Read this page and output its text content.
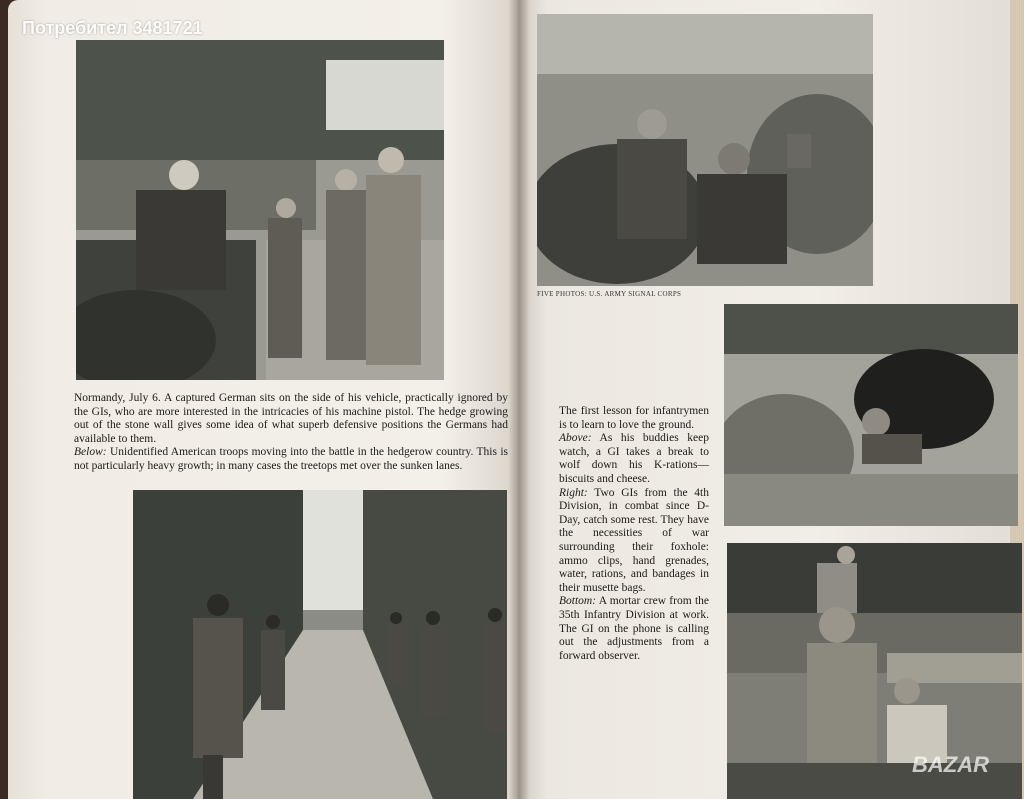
Потребител 3481721
Normandy, July 6. A captured German sits on the side of his vehicle, practically ignored by the GIs, who are more interested in the intricacies of his machine pistol. The hedge growing out of the stone wall gives some idea of what superb defensive positions the Germans had available to them.
Below: Unidentified American troops moving into the battle in the hedgerow country. This is not particularly heavy growth; in many cases the treetops met over the sunken lanes.
FIVE PHOTOS: U.S. ARMY SIGNAL CORPS
The first lesson for infantrymen is to learn to love the ground.
Above: As his buddies keep watch, a GI takes a break to wolf down his K-rations—biscuits and cheese.
Right: Two GIs from the 4th Division, in combat since D-Day, catch some rest. They have the necessities of war surrounding their foxhole: ammo clips, hand grenades, water, rations, and bandages in their musette bags.
Bottom: A mortar crew from the 35th Infantry Division at work. The GI on the phone is calling out the adjustments from a forward observer.
BAZAR
